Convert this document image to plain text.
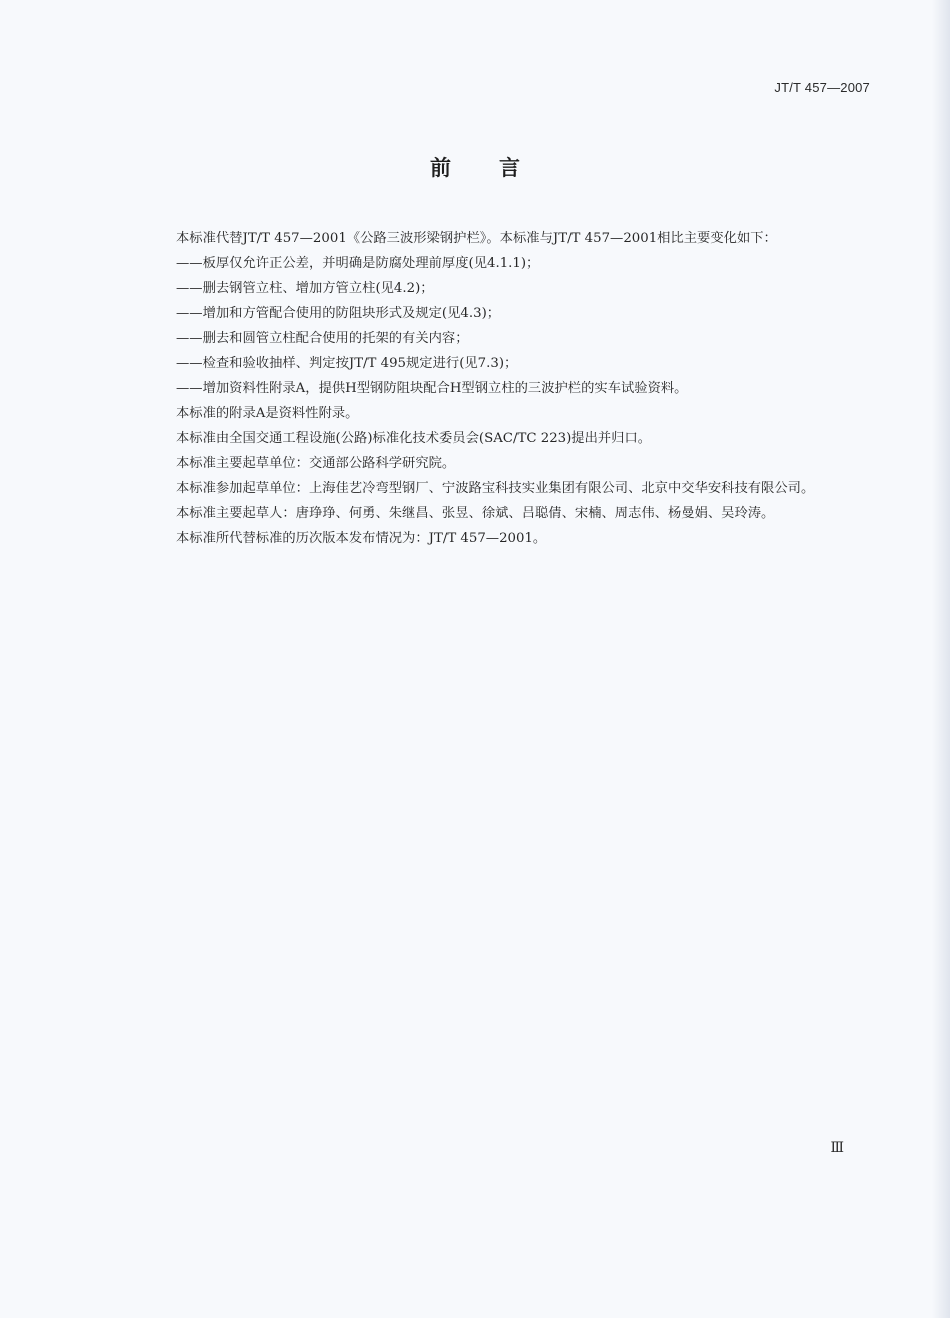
JT/T 457—2007
前言

本标准代替JT/T 457—2001《公路三波形梁钢护栏》。本标准与JT/T 457—2001相比主要变化如下：

——板厚仅允许正公差，并明确是防腐处理前厚度(见4.1.1)；

——删去钢管立柱、增加方管立柱(见4.2)；

——增加和方管配合使用的防阻块形式及规定(见4.3)；

——删去和圆管立柱配合使用的托架的有关内容；

——检查和验收抽样、判定按JT/T 495规定进行(见7.3)；

——增加资料性附录A，提供H型钢防阻块配合H型钢立柱的三波护栏的实车试验资料。

本标准的附录A是资料性附录。

本标准由全国交通工程设施(公路)标准化技术委员会(SAC/TC 223)提出并归口。

本标准主要起草单位：交通部公路科学研究院。

本标准参加起草单位：上海佳艺冷弯型钢厂、宁波路宝科技实业集团有限公司、北京中交华安科技有限公司。

本标准主要起草人：唐琤琤、何勇、朱继昌、张昱、徐斌、吕聪倩、宋楠、周志伟、杨曼娟、吴玲涛。

本标准所代替标准的历次版本发布情况为：JT/T 457—2001。

Ⅲ
